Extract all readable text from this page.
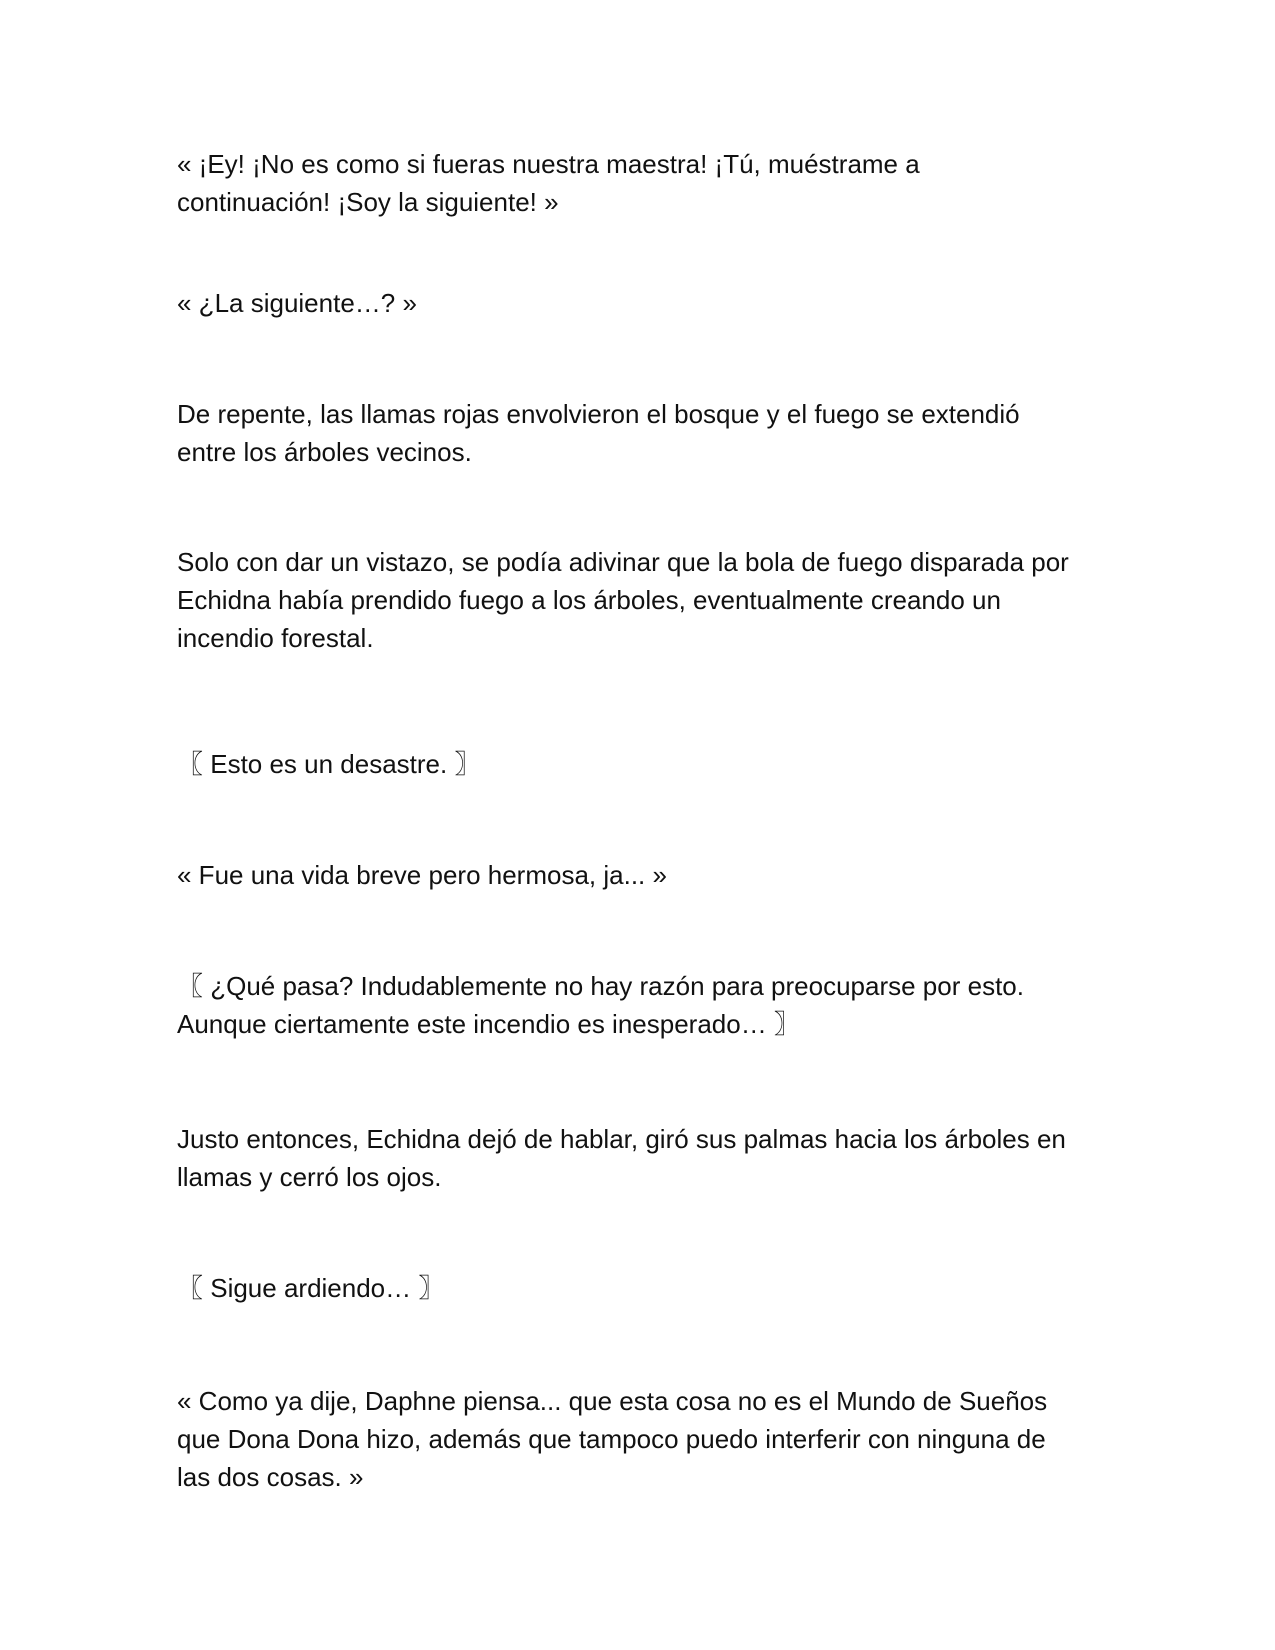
« ¡Ey! ¡No es como si fueras nuestra maestra! ¡Tú, muéstrame a
continuación! ¡Soy la siguiente! »

« ¿La siguiente…? »

De repente, las llamas rojas envolvieron el bosque y el fuego se extendió
entre los árboles vecinos.

Solo con dar un vistazo, se podía adivinar que la bola de fuego disparada por
Echidna había prendido fuego a los árboles, eventualmente creando un
incendio forestal.

〖 Esto es un desastre. 〗

« Fue una vida breve pero hermosa, ja... »

〖 ¿Qué pasa? Indudablemente no hay razón para preocuparse por esto.
Aunque ciertamente este incendio es inesperado… 〗

Justo entonces, Echidna dejó de hablar, giró sus palmas hacia los árboles en
llamas y cerró los ojos.

〖 Sigue ardiendo… 〗

« Como ya dije, Daphne piensa... que esta cosa no es el Mundo de Sueños
que Dona Dona hizo, además que tampoco puedo interferir con ninguna de
las dos cosas. »
